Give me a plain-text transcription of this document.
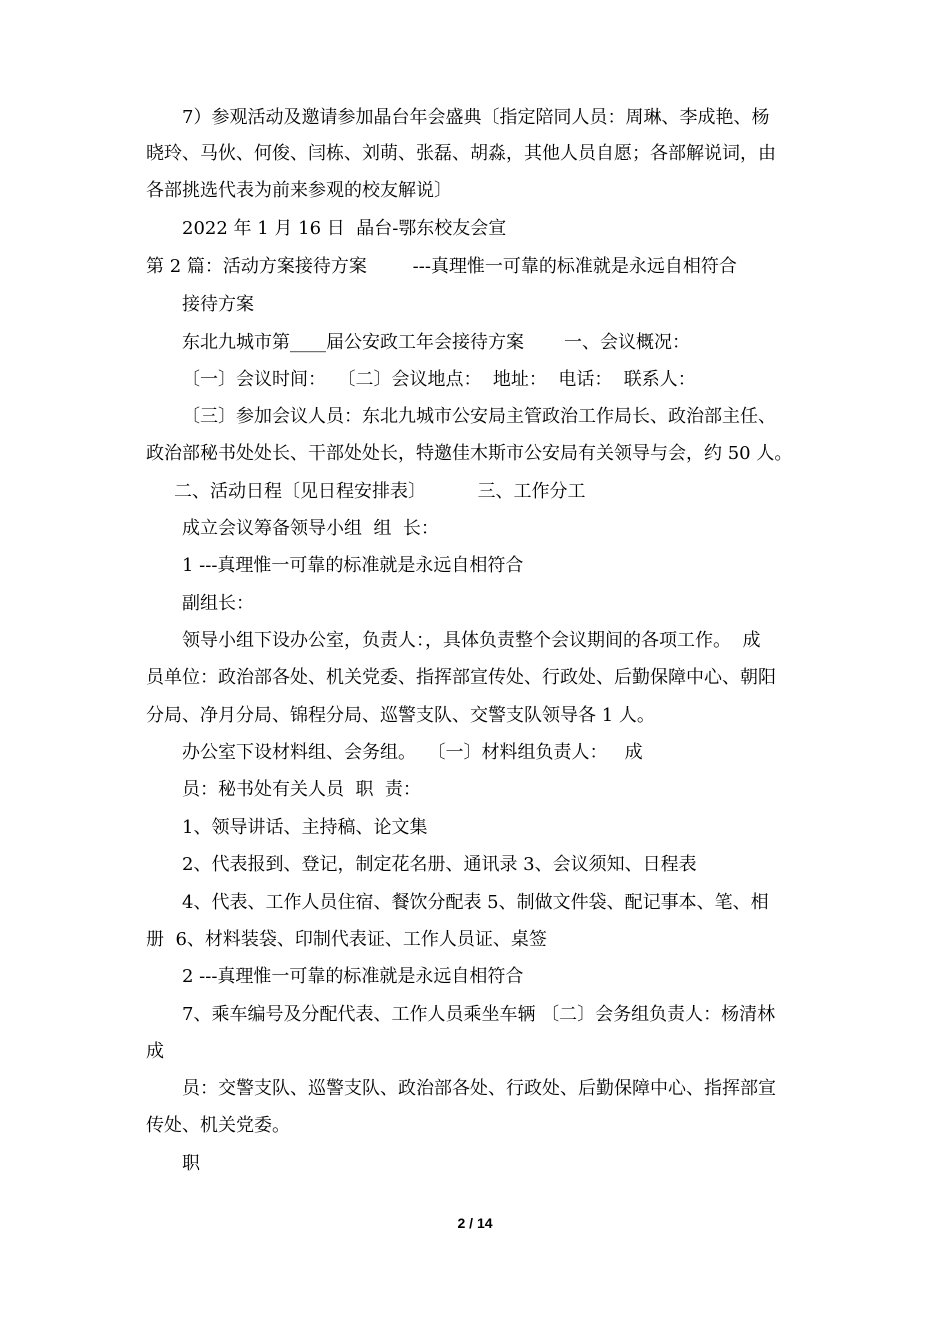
7）参观活动及邀请参加晶台年会盛典〔指定陪同人员：周琳、李成艳、杨
晓玲、马伙、何俊、闫栋、刘萌、张磊、胡淼，其他人员自愿；各部解说词，由
各部挑选代表为前来参观的校友解说〕
2022 年 1 月 16 日  晶台-鄂东校友会宣
第 2 篇：活动方案接待方案        ---真理惟一可靠的标准就是永远自相符合
接待方案
东北九城市第____届公安政工年会接待方案       一、会议概况：
〔一〕会议时间：  〔二〕会议地点：  地址：  电话：  联系人：
〔三〕参加会议人员：东北九城市公安局主管政治工作局长、政治部主任、
政治部秘书处处长、干部处处长，特邀佳木斯市公安局有关领导与会，约 50 人。
二、活动日程〔见日程安排表〕         三、工作分工
成立会议筹备领导小组  组  长：
1 ---真理惟一可靠的标准就是永远自相符合
副组长：
领导小组下设办公室，负责人：，具体负责整个会议期间的各项工作。  成
员单位：政治部各处、机关党委、指挥部宣传处、行政处、后勤保障中心、朝阳
分局、净月分局、锦程分局、巡警支队、交警支队领导各 1 人。
办公室下设材料组、会务组。  〔一〕材料组负责人：   成
员：秘书处有关人员  职  责：
1、领导讲话、主持稿、论文集
2、代表报到、登记，制定花名册、通讯录 3、会议须知、日程表
4、代表、工作人员住宿、餐饮分配表 5、制做文件袋、配记事本、笔、相
册  6、材料装袋、印制代表证、工作人员证、桌签
2 ---真理惟一可靠的标准就是永远自相符合
7、乘车编号及分配代表、工作人员乘坐车辆 〔二〕会务组负责人：杨清林
成
员：交警支队、巡警支队、政治部各处、行政处、后勤保障中心、指挥部宣
传处、机关党委。
职
2 / 14
